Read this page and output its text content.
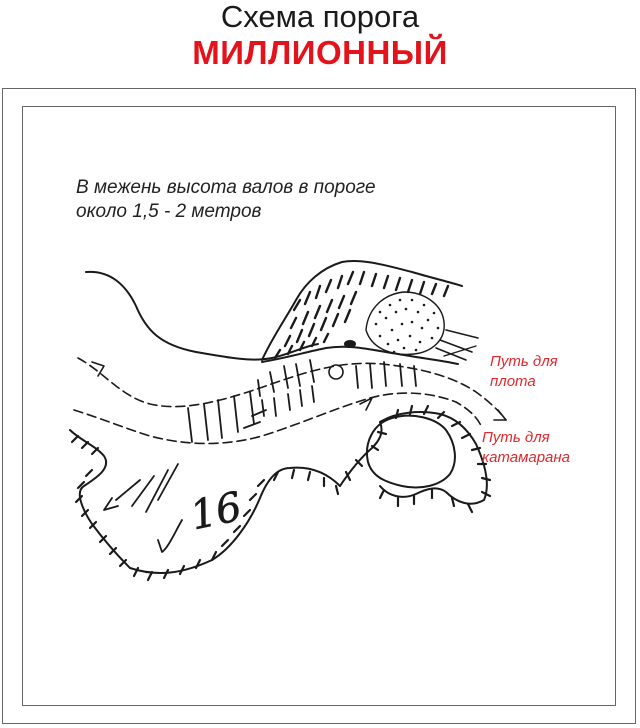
Схема порога
МИЛЛИОННЫЙ
В межень высота валов в пороге
около 1,5 - 2 метров
16
Путь для
плота
Путь для
катамарана
